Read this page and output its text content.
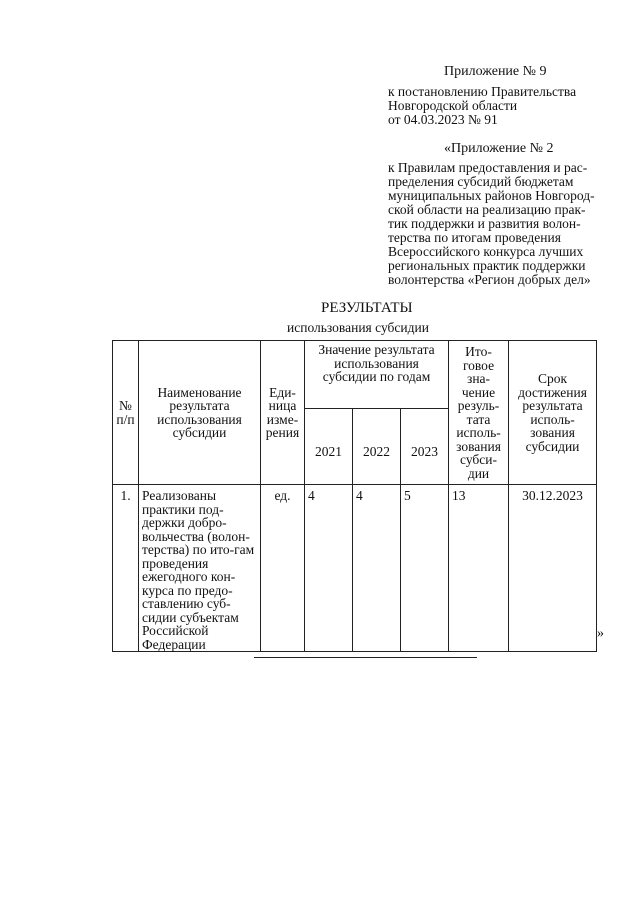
Приложение № 9
к постановлению Правительства
Новгородской области
от 04.03.2023 № 91
«Приложение № 2
к Правилам предоставления и рас-
пределения субсидий бюджетам
муниципальных районов Новгород-
ской области на реализацию прак-
тик поддержки и развития волон-
терства по итогам проведения
Всероссийского конкурса лучших
региональных практик поддержки
волонтерства «Регион добрых дел»
РЕЗУЛЬТАТЫ
использования субсидии
№ п/п	Наименование результата использования субсидии	Еди-ница изме-рения	Значение результата использования субсидии по годам			Ито-говое зна-чение резуль-тата исполь-зования субси-дии	Срок достижения результата исполь-зования субсидии
			2021	2022	2023		
1.	Реализованы практики под-держки добро-вольчества (волон-терства) по ито-гам проведения ежегодного кон-курса по предо-ставлению суб-сидии субъектам Российской Федерации	ед.	4	4	5	13	30.12.2023
»
